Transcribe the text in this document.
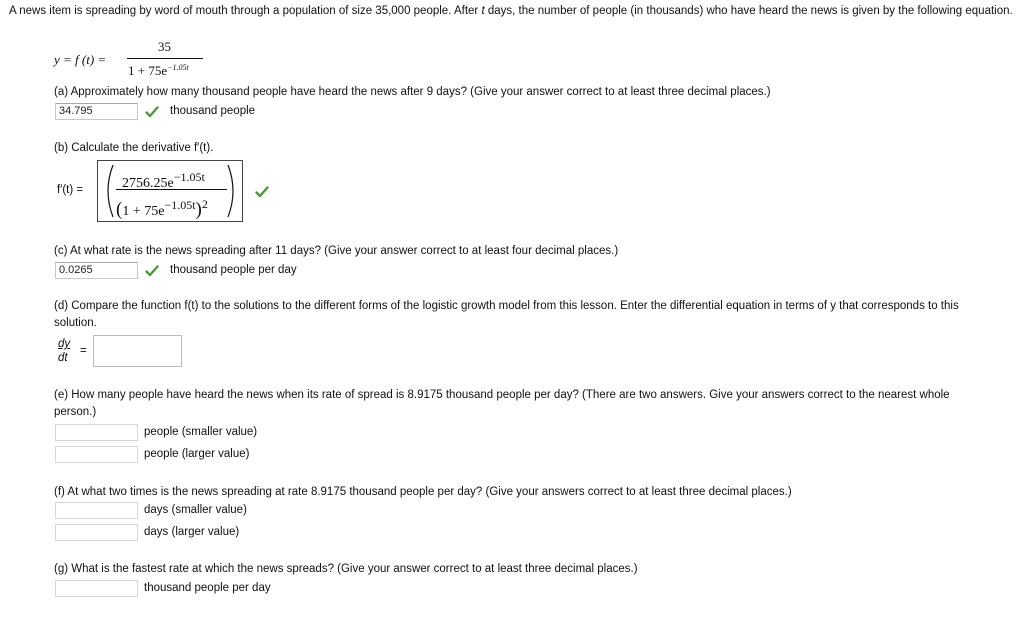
A news item is spreading by word of mouth through a population of size 35,000 people. After t days, the number of people (in thousands) who have heard the news is given by the following equation.
y = f (t) =
35
$1 + 75e^{-1.05t}$
(a) Approximately how many thousand people have heard the news after 9 days? (Give your answer correct to at least three decimal places.)
34.795	thousand people
(b) Calculate the derivative f′(t).
f′(t) =	$2756.25e^{-1.05t}$
$(1 + 75e^{-1.05t})^2$
(c) At what rate is the news spreading after 11 days? (Give your answer correct to at least four decimal places.)
0.0265	thousand people per day
(d) Compare the function f(t) to the solutions to the different forms of the logistic growth model from this lesson. Enter the differential equation in terms of y that corresponds to this solution.
dy
dt
=
(e) How many people have heard the news when its rate of spread is 8.9175 thousand people per day? (There are two answers. Give your answers correct to the nearest whole person.)
people (smaller value)
people (larger value)
(f) At what two times is the news spreading at rate 8.9175 thousand people per day? (Give your answers correct to at least three decimal places.)
days (smaller value)
days (larger value)
(g) What is the fastest rate at which the news spreads? (Give your answer correct to at least three decimal places.)
thousand people per day
